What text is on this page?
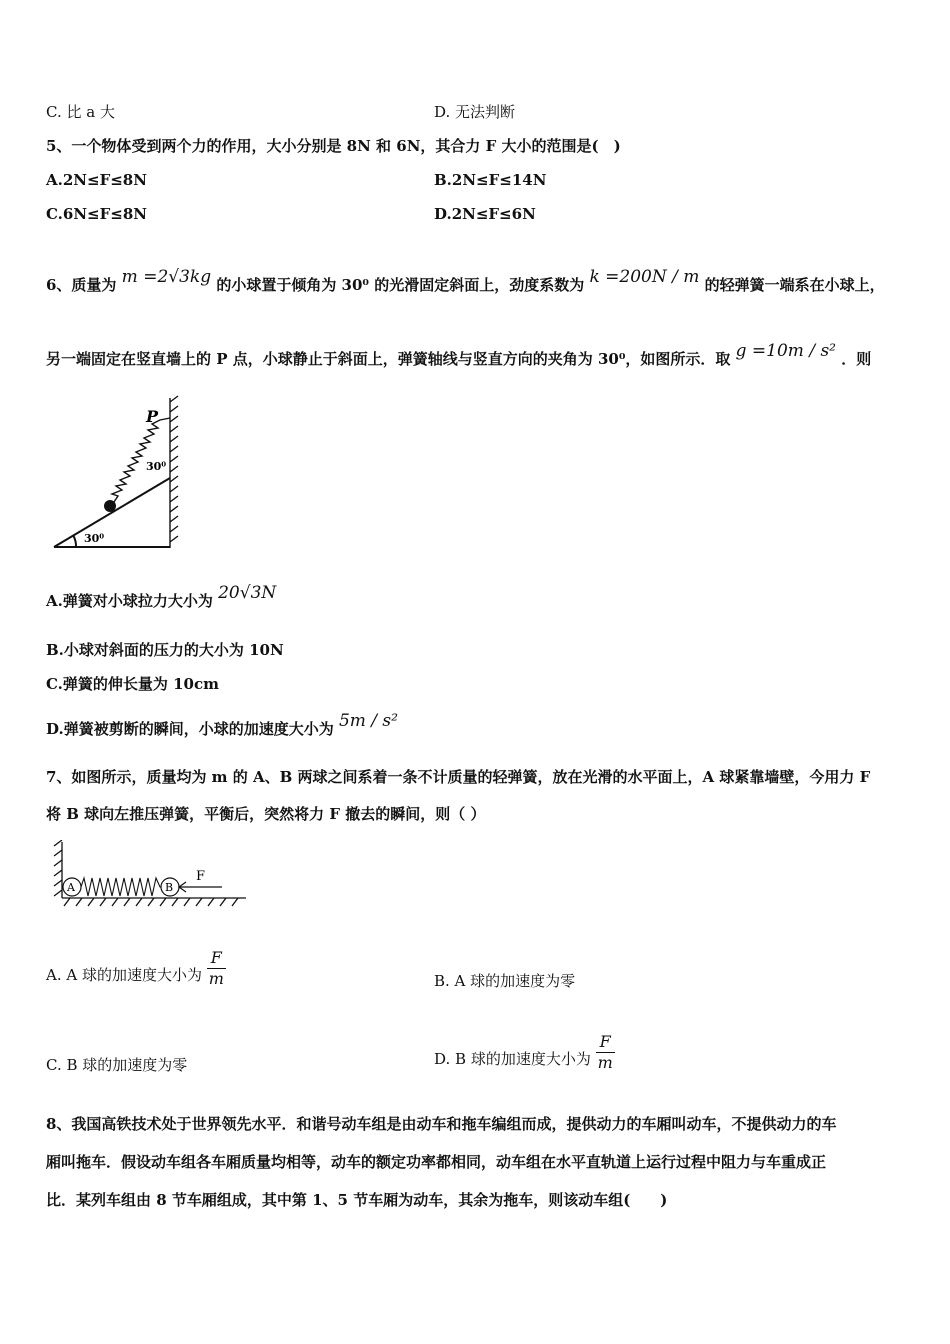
C. 比 a 大	D. 无法判断
5、一个物体受到两个力的作用，大小分别是 8N 和 6N，其合力 F 大小的范围是(　)
A.2N≤F≤8N	B.2N≤F≤14N
C.6N≤F≤8N	D.2N≤F≤6N
6、质量为 m =2√3kg 的小球置于倾角为 30⁰ 的光滑固定斜面上，劲度系数为 k =200N / m 的轻弹簧一端系在小球上，
另一端固定在竖直墙上的 P 点，小球静止于斜面上，弹簧轴线与竖直方向的夹角为 30⁰，如图所示．取 g =10m / s² ．则
P
30⁰
30⁰
A.弹簧对小球拉力大小为 20√3N
B.小球对斜面的压力的大小为 10N
C.弹簧的伸长量为 10cm
D.弹簧被剪断的瞬间，小球的加速度大小为 5m / s²
7、如图所示，质量均为 m 的 A、B 两球之间系着一条不计质量的轻弹簧，放在光滑的水平面上，A 球紧靠墙壁，今用力 F
将 B 球向左推压弹簧，平衡后，突然将力 F 撤去的瞬间，则（ ）
A	B
F
A. A 球的加速度大小为 $\frac{F}{m}$	B. A 球的加速度为零
C. B 球的加速度为零	D. B 球的加速度大小为 $\frac{F}{m}$
8、我国高铁技术处于世界领先水平．和谐号动车组是由动车和拖车编组而成，提供动力的车厢叫动车，不提供动力的车
厢叫拖车．假设动车组各车厢质量均相等，动车的额定功率都相同，动车组在水平直轨道上运行过程中阻力与车重成正
比．某列车组由 8 节车厢组成，其中第 1、5 节车厢为动车，其余为拖车，则该动车组(　　)
